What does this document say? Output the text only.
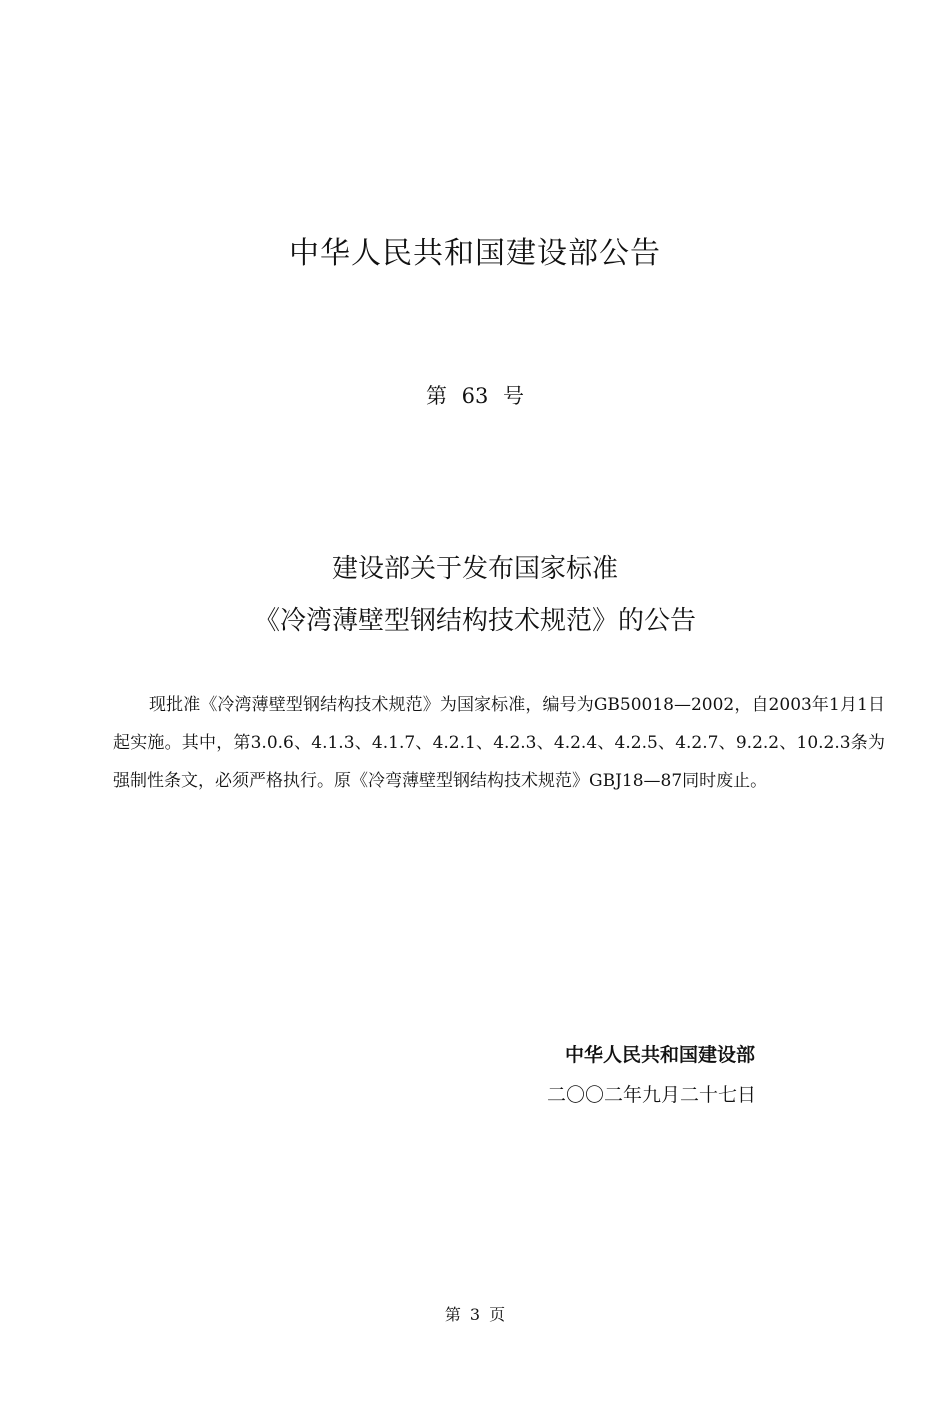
中华人民共和国建设部公告

第 63 号

建设部关于发布国家标准

《冷湾薄壁型钢结构技术规范》的公告

现批准《冷湾薄壁型钢结构技术规范》为国家标准，编号为GB50018—2002，自2003年1月1日起实施。其中，第3.0.6、4.1.3、4.1.7、4.2.1、4.2.3、4.2.4、4.2.5、4.2.7、9.2.2、10.2.3条为强制性条文，必须严格执行。原《冷弯薄壁型钢结构技术规范》GBJ18—87同时废止。

中华人民共和国建设部

二〇〇二年九月二十七日

第 3 页
